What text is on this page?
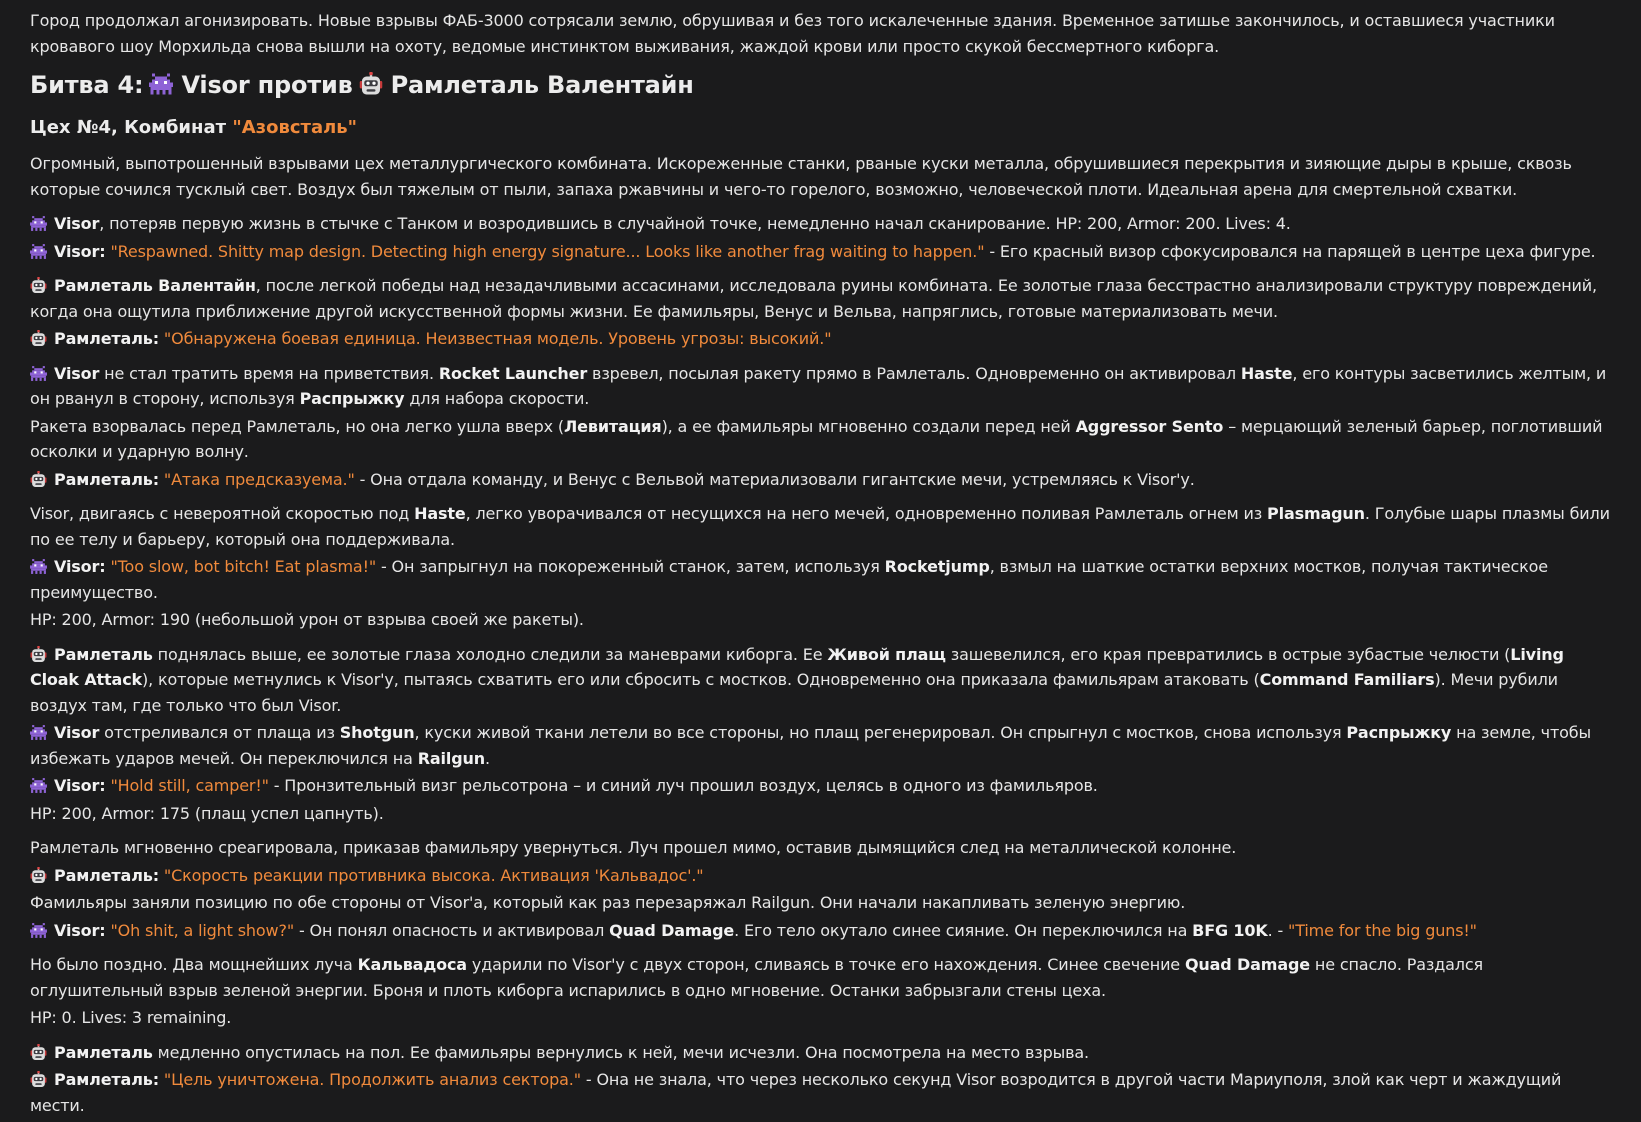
Город продолжал агонизировать. Новые взрывы ФАБ-3000 сотрясали землю, обрушивая и без того искалеченные здания. Временное затишье закончилось, и оставшиеся участники кровавого шоу Морхильда снова вышли на охоту, ведомые инстинктом выживания, жаждой крови или просто скукой бессмертного киборга.

Битва 4: Visor против Рамлеталь Валентайн
Цех №4, Комбинат "Азовсталь"

Огромный, выпотрошенный взрывами цех металлургического комбината. Искореженные станки, рваные куски металла, обрушившиеся перекрытия и зияющие дыры в крыше, сквозь которые сочился тусклый свет. Воздух был тяжелым от пыли, запаха ржавчины и чего-то горелого, возможно, человеческой плоти. Идеальная арена для смертельной схватки.

Visor, потеряв первую жизнь в стычке с Танком и возродившись в случайной точке, немедленно начал сканирование. HP: 200, Armor: 200. Lives: 4.

Visor: "Respawned. Shitty map design. Detecting high energy signature... Looks like another frag waiting to happen." - Его красный визор сфокусировался на парящей в центре цеха фигуре.

Рамлеталь Валентайн, после легкой победы над незадачливыми ассасинами, исследовала руины комбината. Ее золотые глаза бесстрастно анализировали структуру повреждений, когда она ощутила приближение другой искусственной формы жизни. Ее фамильяры, Венус и Вельва, напряглись, готовые материализовать мечи.

Рамлеталь: "Обнаружена боевая единица. Неизвестная модель. Уровень угрозы: высокий."

Visor не стал тратить время на приветствия. Rocket Launcher взревел, посылая ракету прямо в Рамлеталь. Одновременно он активировал Haste, его контуры засветились желтым, и он рванул в сторону, используя Распрыжку для набора скорости.

Ракета взорвалась перед Рамлеталь, но она легко ушла вверх (Левитация), а ее фамильяры мгновенно создали перед ней Aggressor Sento – мерцающий зеленый барьер, поглотивший осколки и ударную волну.

Рамлеталь: "Атака предсказуема." - Она отдала команду, и Венус с Вельвой материализовали гигантские мечи, устремляясь к Visor'у.

Visor, двигаясь с невероятной скоростью под Haste, легко уворачивался от несущихся на него мечей, одновременно поливая Рамлеталь огнем из Plasmagun. Голубые шары плазмы били по ее телу и барьеру, который она поддерживала.

Visor: "Too slow, bot bitch! Eat plasma!" - Он запрыгнул на покореженный станок, затем, используя Rocketjump, взмыл на шаткие остатки верхних мостков, получая тактическое преимущество.

HP: 200, Armor: 190 (небольшой урон от взрыва своей же ракеты).

Рамлеталь поднялась выше, ее золотые глаза холодно следили за маневрами киборга. Ее Живой плащ зашевелился, его края превратились в острые зубастые челюсти (Living Cloak Attack), которые метнулись к Visor'у, пытаясь схватить его или сбросить с мостков. Одновременно она приказала фамильярам атаковать (Command Familiars). Мечи рубили воздух там, где только что был Visor.

Visor отстреливался от плаща из Shotgun, куски живой ткани летели во все стороны, но плащ регенерировал. Он спрыгнул с мостков, снова используя Распрыжку на земле, чтобы избежать ударов мечей. Он переключился на Railgun.

Visor: "Hold still, camper!" - Пронзительный визг рельсотрона – и синий луч прошил воздух, целясь в одного из фамильяров.

HP: 200, Armor: 175 (плащ успел цапнуть).

Рамлеталь мгновенно среагировала, приказав фамильяру увернуться. Луч прошел мимо, оставив дымящийся след на металлической колонне.

Рамлеталь: "Скорость реакции противника высока. Активация 'Кальвадос'."

Фамильяры заняли позицию по обе стороны от Visor'а, который как раз перезаряжал Railgun. Они начали накапливать зеленую энергию.

Visor: "Oh shit, a light show?" - Он понял опасность и активировал Quad Damage. Его тело окутало синее сияние. Он переключился на BFG 10K. - "Time for the big guns!"

Но было поздно. Два мощнейших луча Кальвадоса ударили по Visor'у с двух сторон, сливаясь в точке его нахождения. Синее свечение Quad Damage не спасло. Раздался оглушительный взрыв зеленой энергии. Броня и плоть киборга испарились в одно мгновение. Останки забрызгали стены цеха.

HP: 0. Lives: 3 remaining.

Рамлеталь медленно опустилась на пол. Ее фамильяры вернулись к ней, мечи исчезли. Она посмотрела на место взрыва.

Рамлеталь: "Цель уничтожена. Продолжить анализ сектора." - Она не знала, что через несколько секунд Visor возродится в другой части Мариуполя, злой как черт и жаждущий мести.
